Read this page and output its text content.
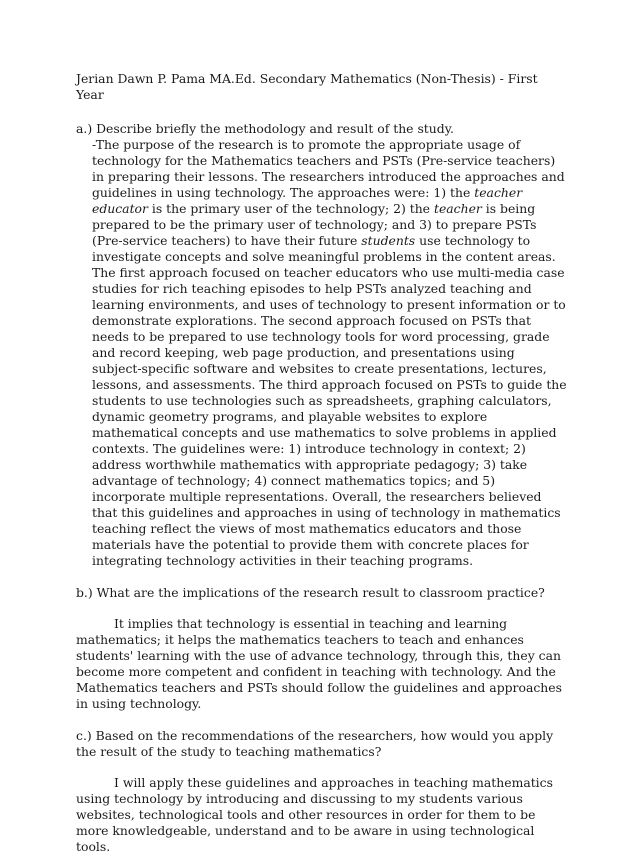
Jerian Dawn P. Pama MA.Ed. Secondary Mathematics (Non-Thesis) - First Year

a.) Describe briefly the methodology and result of the study.

-The purpose of the research is to promote the appropriate usage of technology for the Mathematics teachers and PSTs (Pre-service teachers) in preparing their lessons. The researchers introduced the approaches and guidelines in using technology. The approaches were: 1) the teacher educator is the primary user of the technology; 2) the teacher is being prepared to be the primary user of technology; and 3) to prepare PSTs (Pre-service teachers) to have their future students use technology to investigate concepts and solve meaningful problems in the content areas. The first approach focused on teacher educators who use multi-media case studies for rich teaching episodes to help PSTs analyzed teaching and learning environments, and uses of technology to present information or to demonstrate explorations. The second approach focused on PSTs that needs to be prepared to use technology tools for word processing, grade and record keeping, web page production, and presentations using subject-specific software and websites to create presentations, lectures, lessons, and assessments. The third approach focused on PSTs to guide the students to use technologies such as spreadsheets, graphing calculators, dynamic geometry programs, and playable websites to explore mathematical concepts and use mathematics to solve problems in applied contexts. The guidelines were: 1) introduce technology in context; 2) address worthwhile mathematics with appropriate pedagogy; 3) take advantage of technology; 4) connect mathematics topics; and 5) incorporate multiple representations. Overall, the researchers believed that this guidelines and approaches in using of technology in mathematics teaching reflect the views of most mathematics educators and those materials have the potential to provide them with concrete places for integrating technology activities in their teaching programs.

b.) What are the implications of the research result to classroom practice?

It implies that technology is essential in teaching and learning mathematics; it helps the mathematics teachers to teach and enhances students' learning with the use of advance technology, through this, they can become more competent and confident in teaching with technology. And the Mathematics teachers and PSTs should follow the guidelines and approaches in using technology.

c.) Based on the recommendations of the researchers, how would you apply the result of the study to teaching mathematics?

I will apply these guidelines and approaches in teaching mathematics using technology by introducing and discussing to my students various websites, technological tools and other resources in order for them to be more knowledgeable, understand and to be aware in using technological tools.
